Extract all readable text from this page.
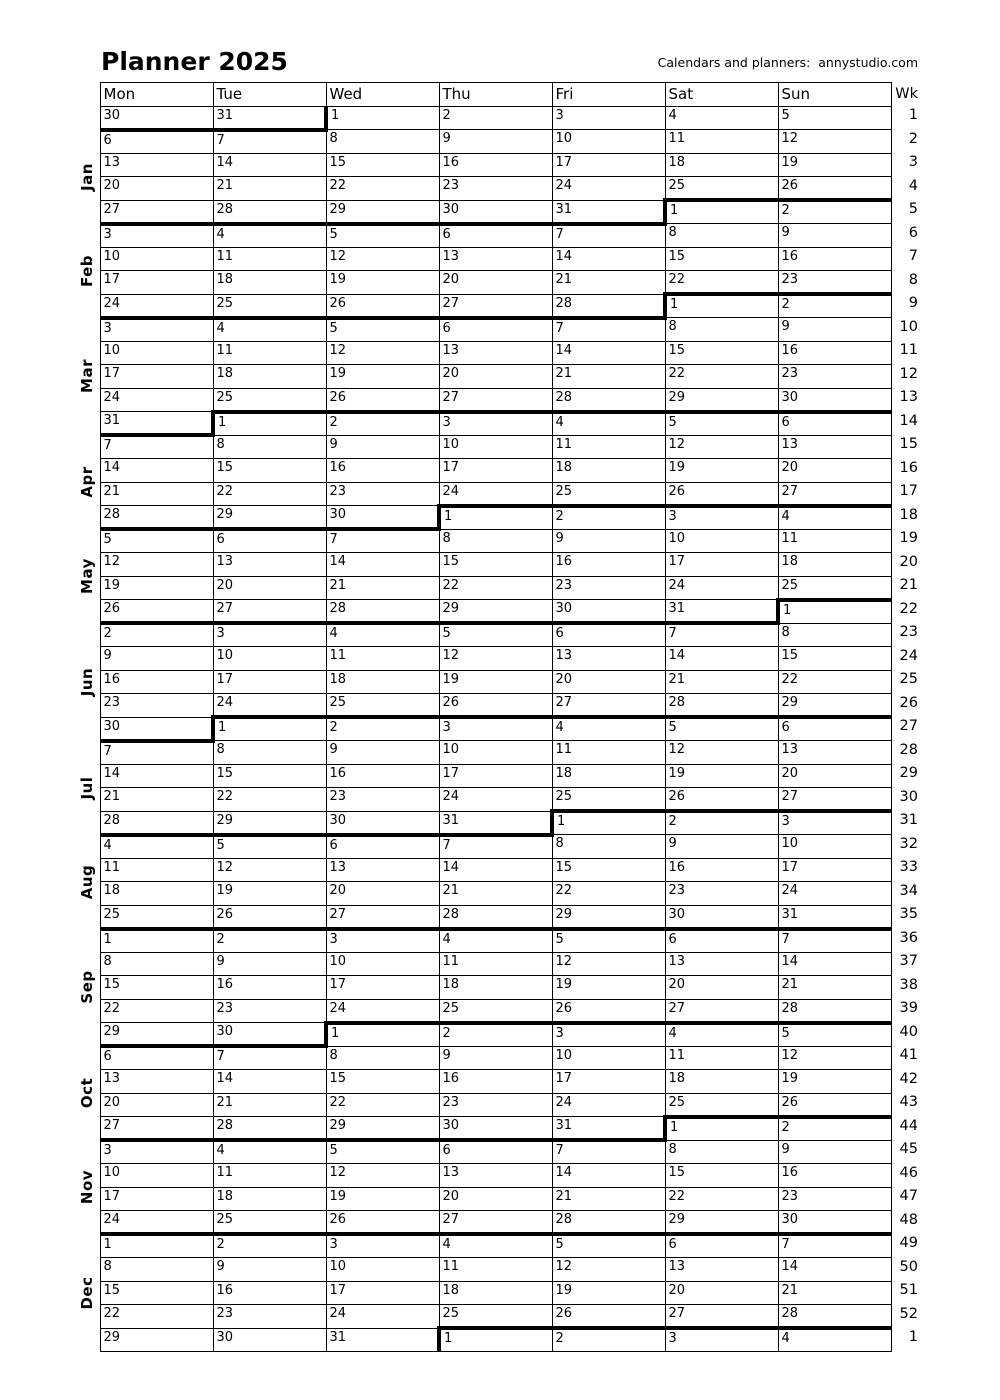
Planner 2025	Calendars and planners:  annystudio.com
	Mon	Tue	Wed	Thu	Fri	Sat	Sun	Wk
	30	31	1	2	3	4	5	1

Jan	6	7	8	9	10	11	12	2
	13	14	15	16	17	18	19	3
	20	21	22	23	24	25	26	4
	27	28	29	30	31	1	2	5

Feb	3	4	5	6	7	8	9	6
	10	11	12	13	14	15	16	7
	17	18	19	20	21	22	23	8
	24	25	26	27	28	1	2	9

Mar	3	4	5	6	7	8	9	10
	10	11	12	13	14	15	16	11
	17	18	19	20	21	22	23	12
	24	25	26	27	28	29	30	13
	31	1	2	3	4	5	6	14

Apr	7	8	9	10	11	12	13	15
	14	15	16	17	18	19	20	16
	21	22	23	24	25	26	27	17
	28	29	30	1	2	3	4	18

May	5	6	7	8	9	10	11	19
	12	13	14	15	16	17	18	20
	19	20	21	22	23	24	25	21
	26	27	28	29	30	31	1	22

Jun	2	3	4	5	6	7	8	23
	9	10	11	12	13	14	15	24
	16	17	18	19	20	21	22	25
	23	24	25	26	27	28	29	26
	30	1	2	3	4	5	6	27

Jul	7	8	9	10	11	12	13	28
	14	15	16	17	18	19	20	29
	21	22	23	24	25	26	27	30
	28	29	30	31	1	2	3	31

Aug	4	5	6	7	8	9	10	32
	11	12	13	14	15	16	17	33
	18	19	20	21	22	23	24	34
	25	26	27	28	29	30	31	35

Sep	1	2	3	4	5	6	7	36
	8	9	10	11	12	13	14	37
	15	16	17	18	19	20	21	38
	22	23	24	25	26	27	28	39
	29	30	1	2	3	4	5	40

Oct	6	7	8	9	10	11	12	41
	13	14	15	16	17	18	19	42
	20	21	22	23	24	25	26	43
	27	28	29	30	31	1	2	44

Nov	3	4	5	6	7	8	9	45
	10	11	12	13	14	15	16	46
	17	18	19	20	21	22	23	47
	24	25	26	27	28	29	30	48

Dec	1	2	3	4	5	6	7	49
	8	9	10	11	12	13	14	50
	15	16	17	18	19	20	21	51
	22	23	24	25	26	27	28	52
	29	30	31	1	2	3	4	1
